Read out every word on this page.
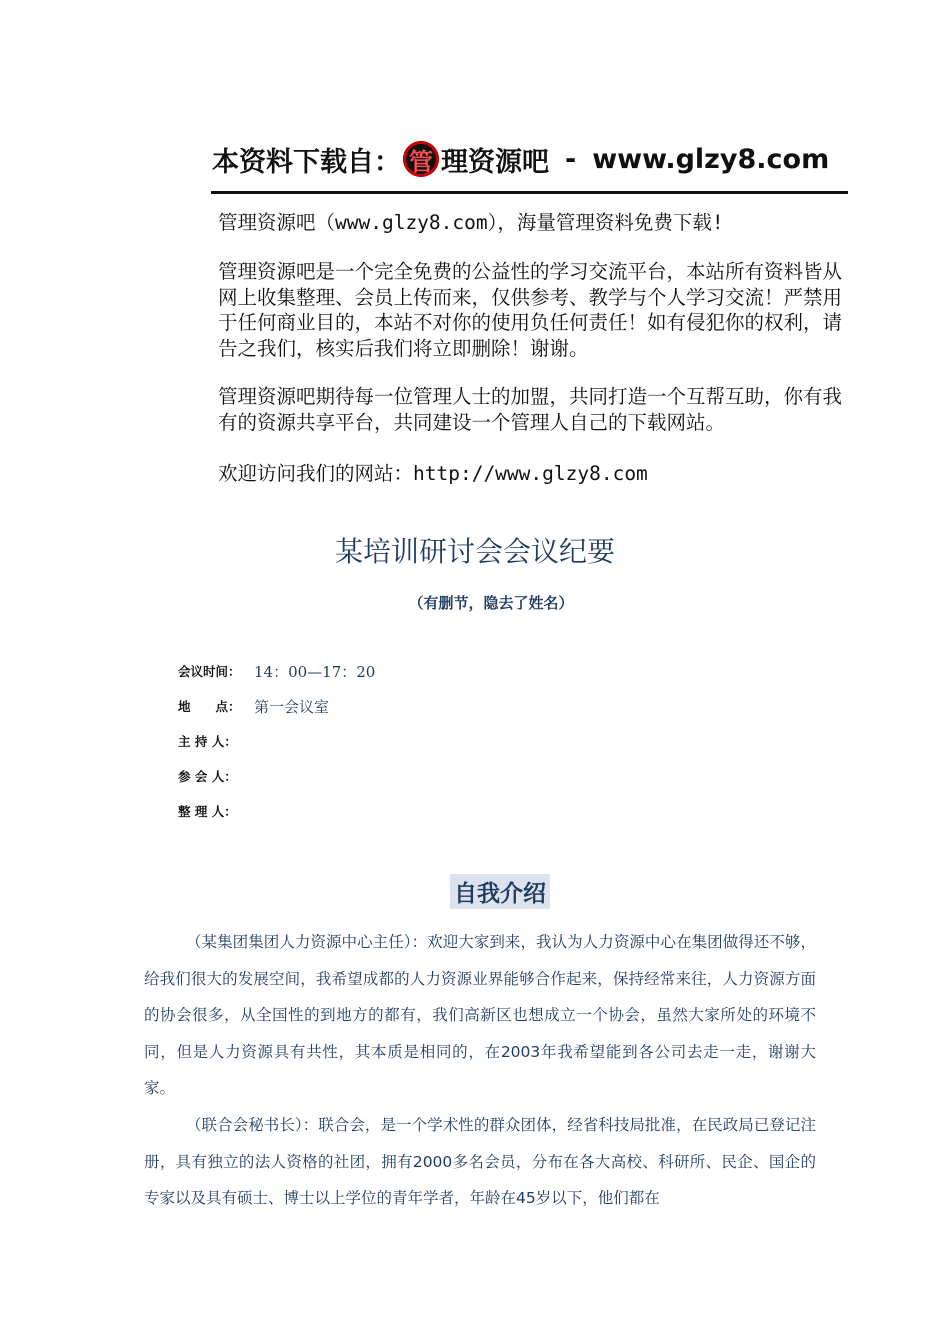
本资料下载自： 管 理资源吧 - www.glzy8.com
管理资源吧（www.glzy8.com），海量管理资料免费下载!
管理资源吧是一个完全免费的公益性的学习交流平台，本站所有资料皆从网上收集整理、会员上传而来，仅供参考、教学与个人学习交流！严禁用于任何商业目的，本站不对你的使用负任何责任！如有侵犯你的权利，请告之我们，核实后我们将立即删除！谢谢。
管理资源吧期待每一位管理人士的加盟，共同打造一个互帮互助，你有我有的资源共享平台，共同建设一个管理人自己的下载网站。
欢迎访问我们的网站：http://www.glzy8.com
某培训研讨会会议纪要
（有删节，隐去了姓名）
会议时间： 14：00—17：20
地　　点： 第一会议室
主 持 人：
参 会 人：
整 理 人：
自我介绍

（某集团集团人力资源中心主任）：欢迎大家到来，我认为人力资源中心在集团做得还不够，给我们很大的发展空间，我希望成都的人力资源业界能够合作起来，保持经常来往，人力资源方面的协会很多，从全国性的到地方的都有，我们高新区也想成立一个协会，虽然大家所处的环境不同，但是人力资源具有共性，其本质是相同的，在2003年我希望能到各公司去走一走，谢谢大家。

（联合会秘书长）：联合会，是一个学术性的群众团体，经省科技局批准，在民政局已登记注册，具有独立的法人资格的社团，拥有2000多名会员，分布在各大高校、科研所、民企、国企的专家以及具有硕士、博士以上学位的青年学者，年龄在45岁以下，他们都在
